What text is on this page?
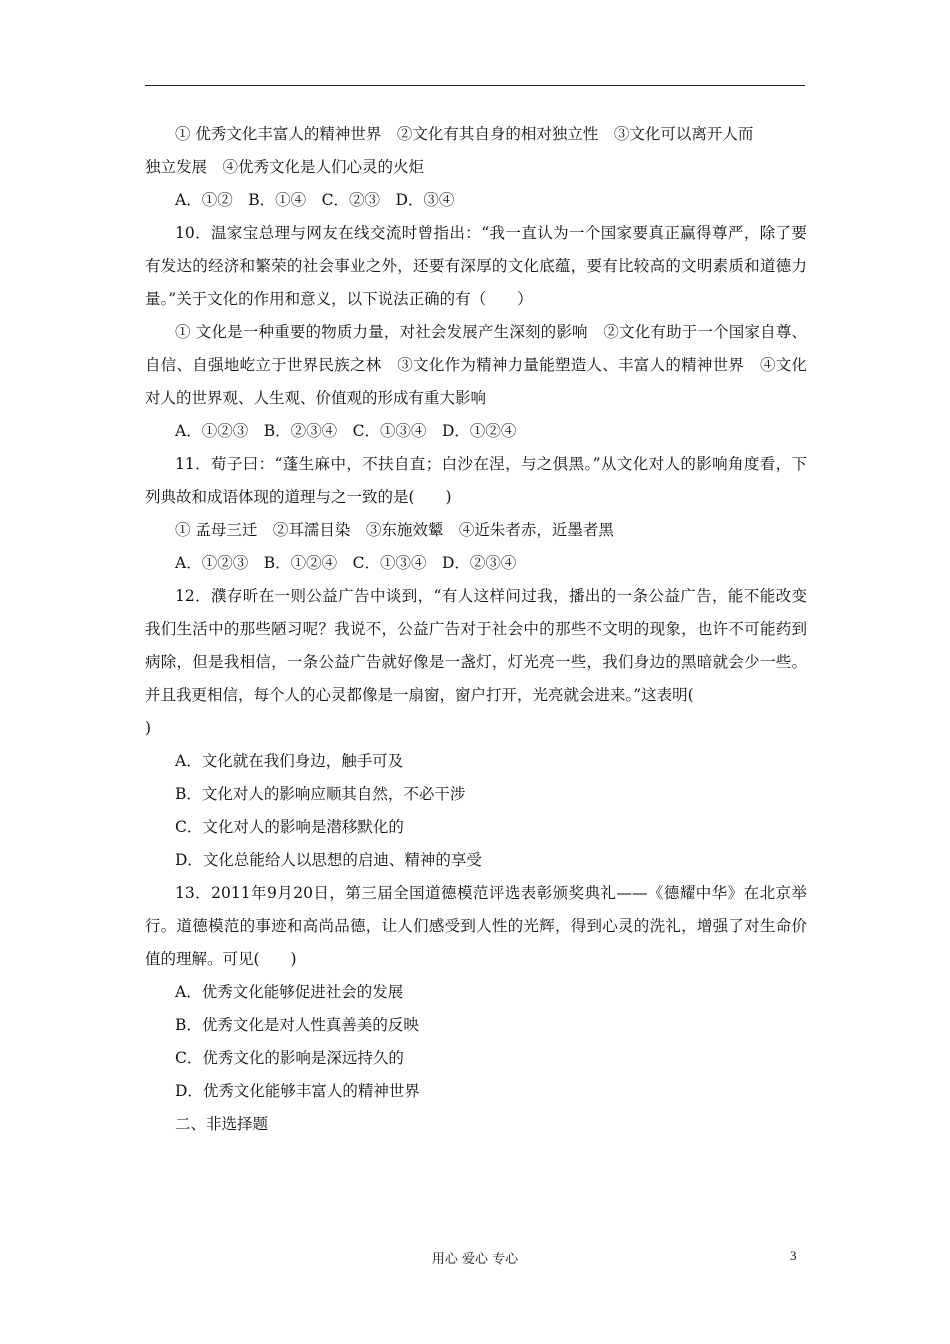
① 优秀文化丰富人的精神世界　②文化有其自身的相对独立性　③文化可以离开人而

独立发展　④优秀文化是人们心灵的火炬

A．①②　B．①④　C．②③　D．③④

10．温家宝总理与网友在线交流时曾指出：“我一直认为一个国家要真正赢得尊严，除了要有发达的经济和繁荣的社会事业之外，还要有深厚的文化底蕴，要有比较高的文明素质和道德力量。”关于文化的作用和意义，以下说法正确的有（　　）

① 文化是一种重要的物质力量，对社会发展产生深刻的影响　②文化有助于一个国家自尊、自信、自强地屹立于世界民族之林　③文化作为精神力量能塑造人、丰富人的精神世界　④文化对人的世界观、人生观、价值观的形成有重大影响

A．①②③　B．②③④　C．①③④　D．①②④

11．荀子曰：“蓬生麻中，不扶自直；白沙在涅，与之俱黑。”从文化对人的影响角度看，下列典故和成语体现的道理与之一致的是(　　)

① 孟母三迁　②耳濡目染　③东施效颦　④近朱者赤，近墨者黑

A．①②③　B．①②④　C．①③④　D．②③④

12．濮存昕在一则公益广告中谈到，“有人这样问过我，播出的一条公益广告，能不能改变我们生活中的那些陋习呢？我说不，公益广告对于社会中的那些不文明的现象，也许不可能药到病除，但是我相信，一条公益广告就好像是一盏灯，灯光亮一些，我们身边的黑暗就会少一些。并且我更相信，每个人的心灵都像是一扇窗，窗户打开，光亮就会进来。”这表明(

)

A．文化就在我们身边，触手可及

B．文化对人的影响应顺其自然，不必干涉

C．文化对人的影响是潜移默化的

D．文化总能给人以思想的启迪、精神的享受

13．2011年9月20日，第三届全国道德模范评选表彰颁奖典礼——《德耀中华》在北京举行。道德模范的事迹和高尚品德，让人们感受到人性的光辉，得到心灵的洗礼，增强了对生命价值的理解。可见(　　)

A．优秀文化能够促进社会的发展

B．优秀文化是对人性真善美的反映

C．优秀文化的影响是深远持久的

D．优秀文化能够丰富人的精神世界

二、非选择题

用心 爱心 专心	3
